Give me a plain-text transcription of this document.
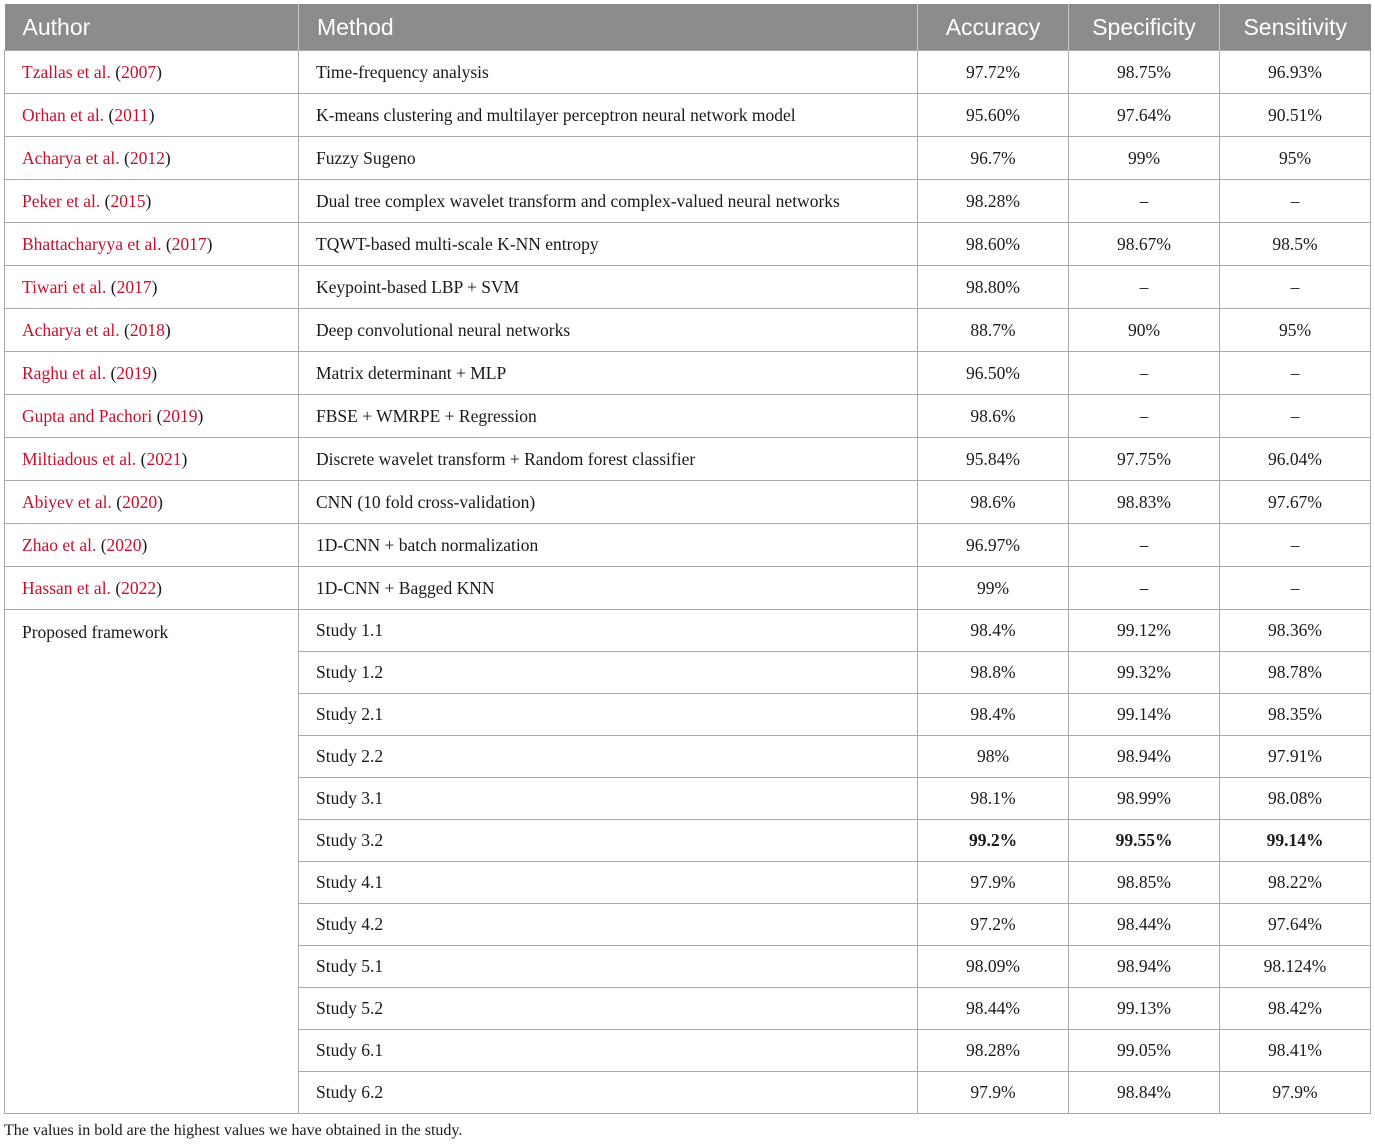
Author	Method	Accuracy	Specificity	Sensitivity
Tzallas et al. (2007)	Time-frequency analysis	97.72%	98.75%	96.93%
Orhan et al. (2011)	K-means clustering and multilayer perceptron neural network model	95.60%	97.64%	90.51%
Acharya et al. (2012)	Fuzzy Sugeno	96.7%	99%	95%
Peker et al. (2015)	Dual tree complex wavelet transform and complex-valued neural networks	98.28%	–	–
Bhattacharyya et al. (2017)	TQWT-based multi-scale K-NN entropy	98.60%	98.67%	98.5%
Tiwari et al. (2017)	Keypoint-based LBP + SVM	98.80%	–	–
Acharya et al. (2018)	Deep convolutional neural networks	88.7%	90%	95%
Raghu et al. (2019)	Matrix determinant + MLP	96.50%	–	–
Gupta and Pachori (2019)	FBSE + WMRPE + Regression	98.6%	–	–
Miltiadous et al. (2021)	Discrete wavelet transform + Random forest classifier	95.84%	97.75%	96.04%
Abiyev et al. (2020)	CNN (10 fold cross-validation)	98.6%	98.83%	97.67%
Zhao et al. (2020)	1D-CNN + batch normalization	96.97%	–	–
Hassan et al. (2022)	1D-CNN + Bagged KNN	99%	–	–
Proposed framework	Study 1.1	98.4%	99.12%	98.36%
	Study 1.2	98.8%	99.32%	98.78%
	Study 2.1	98.4%	99.14%	98.35%
	Study 2.2	98%	98.94%	97.91%
	Study 3.1	98.1%	98.99%	98.08%
	Study 3.2	99.2%	99.55%	99.14%
	Study 4.1	97.9%	98.85%	98.22%
	Study 4.2	97.2%	98.44%	97.64%
	Study 5.1	98.09%	98.94%	98.124%
	Study 5.2	98.44%	99.13%	98.42%
	Study 6.1	98.28%	99.05%	98.41%
	Study 6.2	97.9%	98.84%	97.9%
The values in bold are the highest values we have obtained in the study.
